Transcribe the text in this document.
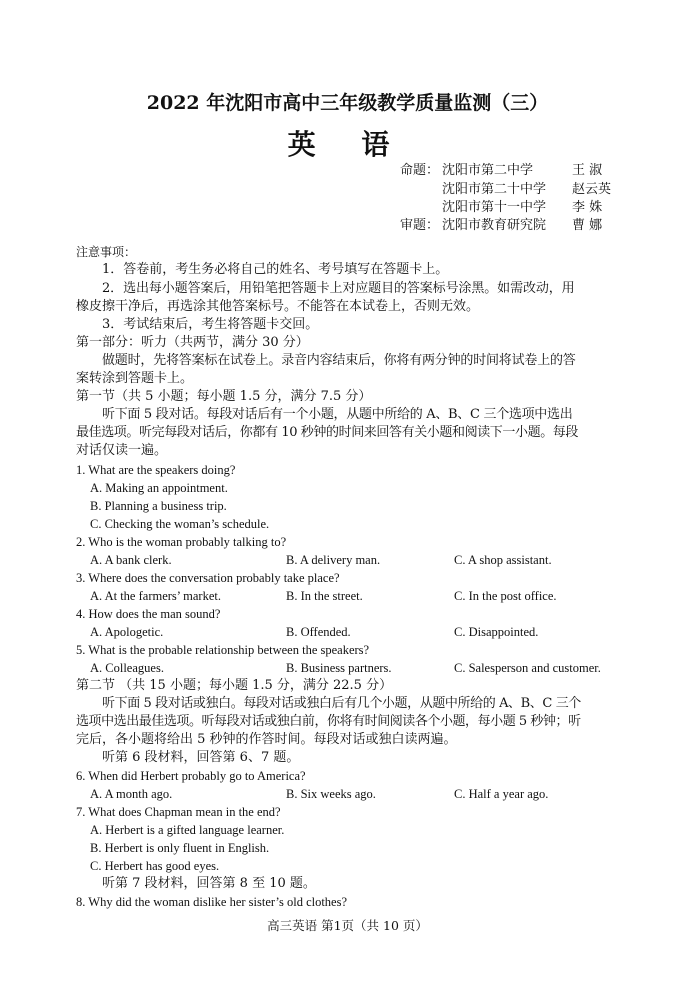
2022 年沈阳市高中三年级教学质量监测（三）
英 语
命题： 沈阳市第二中学	王 淑
沈阳市第二十中学 赵云英
沈阳市第十一中学 李 姝
审题： 沈阳市教育研究院 曹 娜
注意事项：
1．答卷前，考生务必将自己的姓名、考号填写在答题卡上。
2．选出每小题答案后，用铅笔把答题卡上对应题目的答案标号涂黑。如需改动，用
橡皮擦干净后，再选涂其他答案标号。不能答在本试卷上，否则无效。
3．考试结束后，考生将答题卡交回。
第一部分：听力（共两节，满分 30 分）
做题时，先将答案标在试卷上。录音内容结束后，你将有两分钟的时间将试卷上的答
案转涂到答题卡上。
第一节（共 5 小题；每小题 1.5 分，满分 7.5 分）
听下面 5 段对话。每段对话后有一个小题，从题中所给的 A、B、C 三个选项中选出
最佳选项。听完每段对话后，你都有 10 秒钟的时间来回答有关小题和阅读下一小题。每段
对话仅读一遍。
1. What are the speakers doing?
A. Making an appointment.
B. Planning a business trip.
C. Checking the woman’s schedule.
2. Who is the woman probably talking to?
A. A bank clerk.	B. A delivery man.	C. A shop assistant.
3. Where does the conversation probably take place?
A. At the farmers’ market.	B. In the street.	C. In the post office.
4. How does the man sound?
A. Apologetic.	B. Offended.	C. Disappointed.
5. What is the probable relationship between the speakers?
A. Colleagues.	B. Business partners.	C. Salesperson and customer.
第二节 （共 15 小题；每小题 1.5 分，满分 22.5 分）
听下面 5 段对话或独白。每段对话或独白后有几个小题，从题中所给的 A、B、C 三个
选项中选出最佳选项。听每段对话或独白前，你将有时间阅读各个小题，每小题 5 秒钟；听
完后，各小题将给出 5 秒钟的作答时间。每段对话或独白读两遍。
听第 6 段材料，回答第 6、7 题。
6. When did Herbert probably go to America?
A. A month ago.	B. Six weeks ago.	C. Half a year ago.
7. What does Chapman mean in the end?
A. Herbert is a gifted language learner.
B. Herbert is only fluent in English.
C. Herbert has good eyes.
听第 7 段材料，回答第 8 至 10 题。
8. Why did the woman dislike her sister’s old clothes?
高三英语 第1页（共 10 页）
